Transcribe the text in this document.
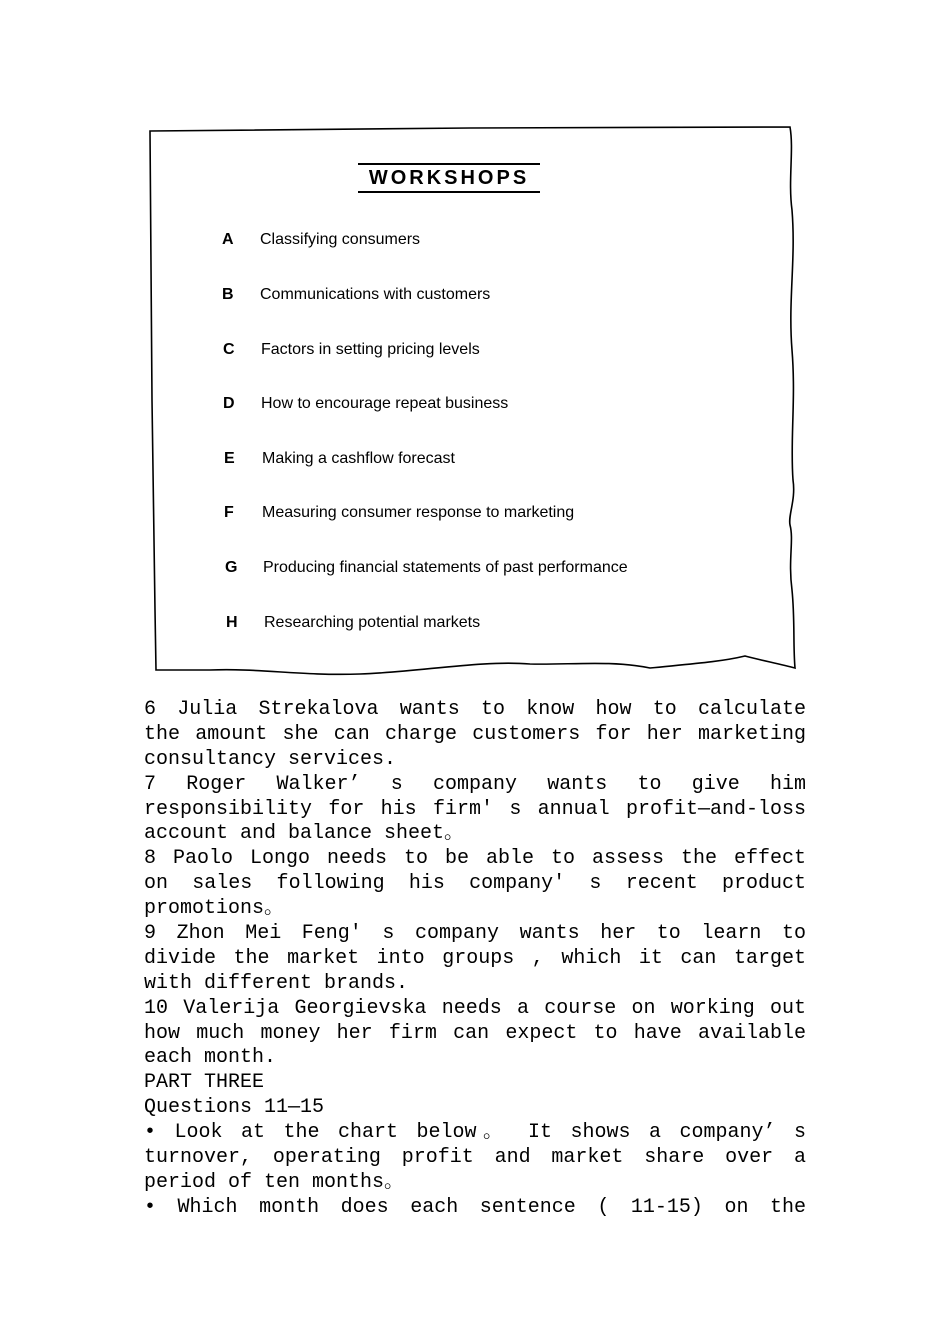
WORKSHOPS
A	Classifying consumers
B	Communications with customers
C	Factors in setting pricing levels
D	How to encourage repeat business
E	Making a cashflow forecast
F	Measuring consumer response to marketing
G	Producing financial statements of past performance
H	Researching potential markets
6 Julia Strekalova wants to know how to calculate
the amount she can charge customers for her marketing
consultancy services.
7 Roger Walker’ s company wants to give him
responsibility for his firm' s annual profit—and-loss
account and balance sheet。
8 Paolo Longo needs to be able to assess the effect
on sales following his company' s recent product
promotions。
9 Zhon Mei Feng' s company wants her to learn to
divide the market into groups , which it can target
with different brands.
10 Valerija Georgievska needs a course on working out
how much money her firm can expect to have available
each month.
PART THREE
Questions 11—15
• Look at the chart below。 It shows a company’ s
turnover, operating profit and market share over a
period of ten months。
• Which month does each sentence ( 11-15) on the
